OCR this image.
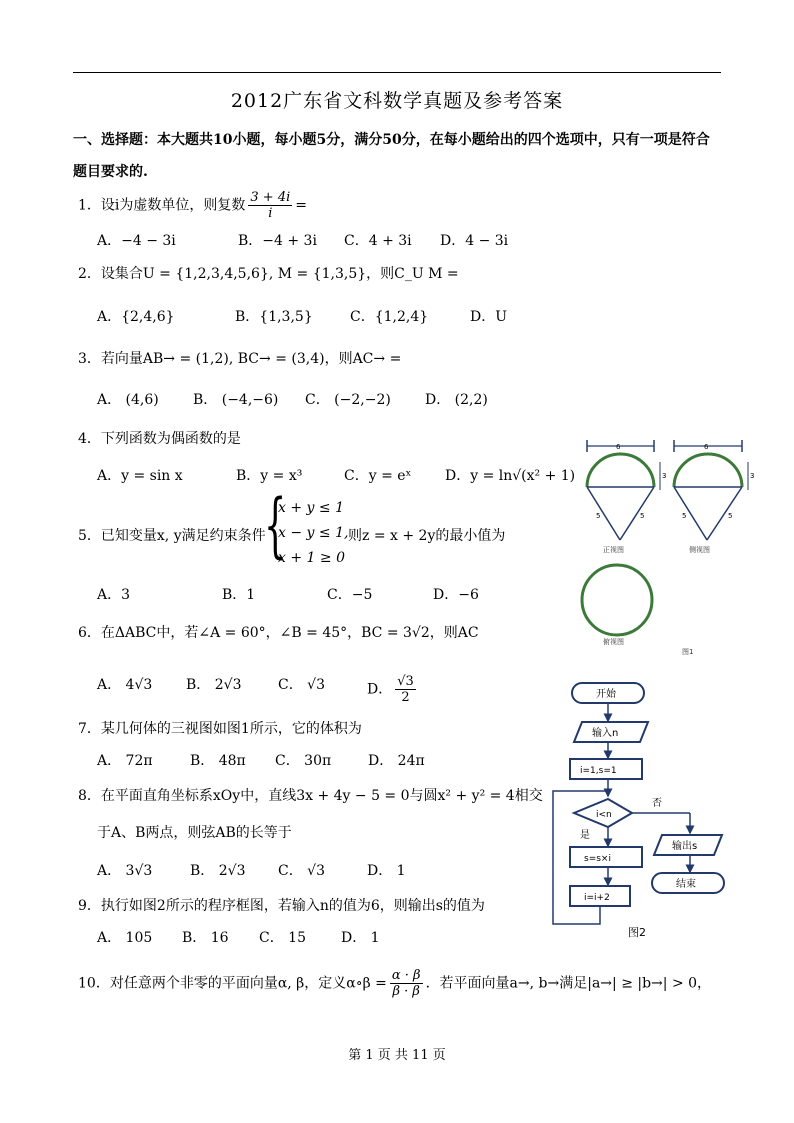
2012广东省文科数学真题及参考答案
一、选择题：本大题共10小题，每小题5分，满分50分，在每小题给出的四个选项中，只有一项是符合题目要求的.
1．设i为虚数单位，则复数 $\frac{3 + 4i}{i}$ =
A．−4 − 3i	B．−4 + 3i C．4 + 3i D．4 − 3i
2．设集合U = {1,2,3,4,5,6}, M = {1,3,5}，则C_U M =
A．{2,4,6}	B．{1,3,5}	C．{1,2,4}	D．U
3．若向量AB→ = (1,2), BC→ = (3,4)，则AC→ =
A． (4,6) B． (−4,−6) C． (−2,−2) D． (2,2)
4．下列函数为偶函数的是
A．y = sin x	B．y = x³	C．y = eˣ D．y = ln√(x² + 1)
5．已知变量x, y满足约束条件
{
x + y ≤ 1
x − y ≤ 1, 则z = x + 2y的最小值为
x + 1 ≥ 0
A．3	B．1	C．−5	D．−6
6．在ΔABC中，若∠A = 60°，∠B = 45°，BC = 3√2，则AC
A． 4√3 B． 2√3	C． √3	D． $\frac{√3}{2}$
7．某几何体的三视图如图1所示，它的体积为
A． 72π	B． 48π C． 30π	D． 24π
8．在平面直角坐标系xOy中，直线3x + 4y − 5 = 0与圆x² + y² = 4相交
于A、B两点，则弦AB的长等于
A． 3√3	B． 2√3 C． √3	D． 1
9．执行如图2所示的程序框图，若输入n的值为6，则输出s的值为
A． 105 B． 16 C． 15	D． 1
10．对任意两个非零的平面向量α, β，定义α∘β = $\frac{\alpha \cdot \beta}{\beta \cdot \beta}$ ．若平面向量a→, b→满足|a→| ≥ |b→| > 0，
6
3
5	5
正视图
6
3
5	5
侧视图
俯视图
图1
开始
输入n
i=1,s=1
i<n
否
是
s=s×i
i=i+2
输出s
结束
图2
第 1 页 共 11 页
